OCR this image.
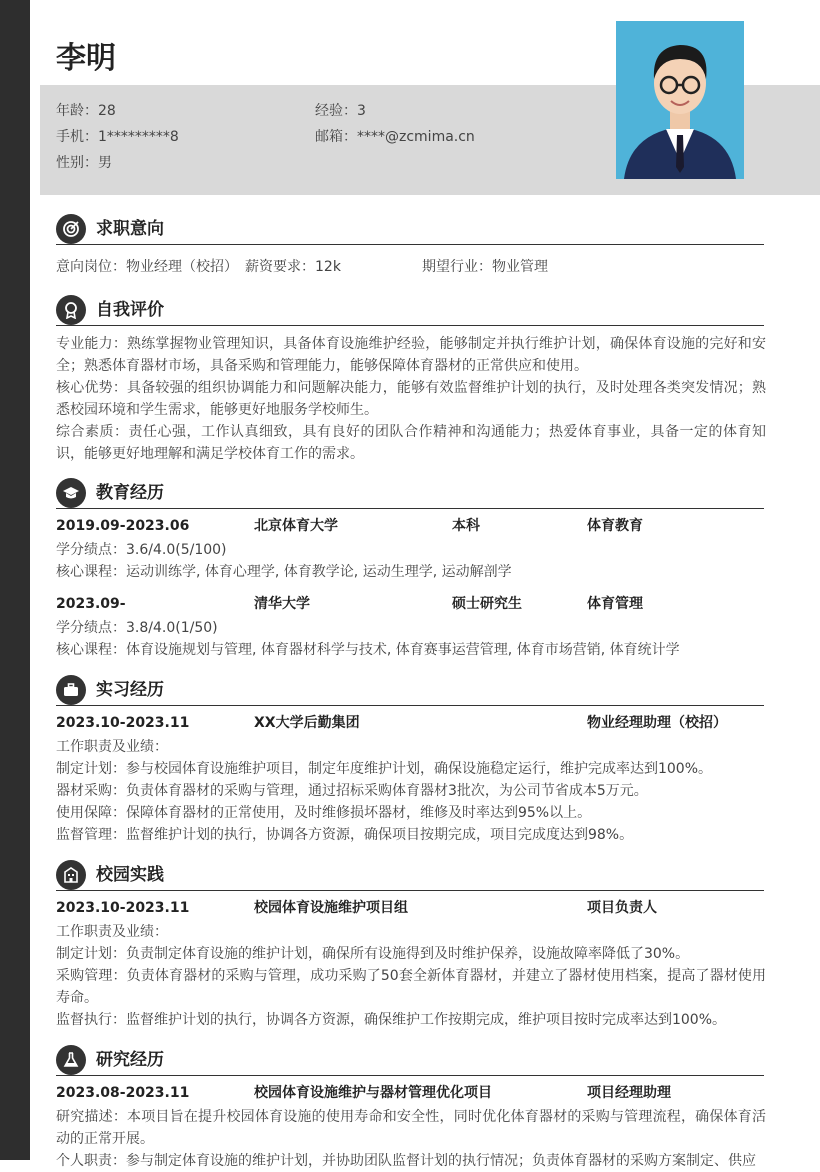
李明
年龄：28	经验：3
手机：1*********8	邮箱：****@zcmima.cn
性别：男
求职意向
意向岗位：物业经理（校招） 薪资要求：12k	期望行业：物业管理
自我评价
专业能力：熟练掌握物业管理知识，具备体育设施维护经验，能够制定并执行维护计划，确保体育设施的完好和安全；熟悉体育器材市场，具备采购和管理能力，能够保障体育器材的正常供应和使用。
核心优势：具备较强的组织协调能力和问题解决能力，能够有效监督维护计划的执行，及时处理各类突发情况；熟悉校园环境和学生需求，能够更好地服务学校师生。
综合素质：责任心强，工作认真细致，具有良好的团队合作精神和沟通能力；热爱体育事业，具备一定的体育知识，能够更好地理解和满足学校体育工作的需求。
教育经历
2019.09-2023.06	北京体育大学	本科	体育教育
学分绩点：3.6/4.0(5/100)
核心课程：运动训练学, 体育心理学, 体育教学论, 运动生理学, 运动解剖学
2023.09-	清华大学	硕士研究生	体育管理
学分绩点：3.8/4.0(1/50)
核心课程：体育设施规划与管理, 体育器材科学与技术, 体育赛事运营管理, 体育市场营销, 体育统计学
实习经历
2023.10-2023.11	XX大学后勤集团	物业经理助理（校招）
工作职责及业绩：
制定计划：参与校园体育设施维护项目，制定年度维护计划，确保设施稳定运行，维护完成率达到100%。
器材采购：负责体育器材的采购与管理，通过招标采购体育器材3批次，为公司节省成本5万元。
使用保障：保障体育器材的正常使用，及时维修损坏器材，维修及时率达到95%以上。
监督管理：监督维护计划的执行，协调各方资源，确保项目按期完成，项目完成度达到98%。
校园实践
2023.10-2023.11	校园体育设施维护项目组	项目负责人
工作职责及业绩：
制定计划：负责制定体育设施的维护计划，确保所有设施得到及时维护保养，设施故障率降低了30%。
采购管理：负责体育器材的采购与管理，成功采购了50套全新体育器材，并建立了器材使用档案，提高了器材使用寿命。
监督执行：监督维护计划的执行，协调各方资源，确保维护工作按期完成，维护项目按时完成率达到100%。
研究经历
2023.08-2023.11	校园体育设施维护与器材管理优化项目	项目经理助理
研究描述：本项目旨在提升校园体育设施的使用寿命和安全性，同时优化体育器材的采购与管理流程，确保体育活动的正常开展。
个人职责：参与制定体育设施的维护计划，并协助团队监督计划的执行情况；负责体育器材的采购方案制定、供应
